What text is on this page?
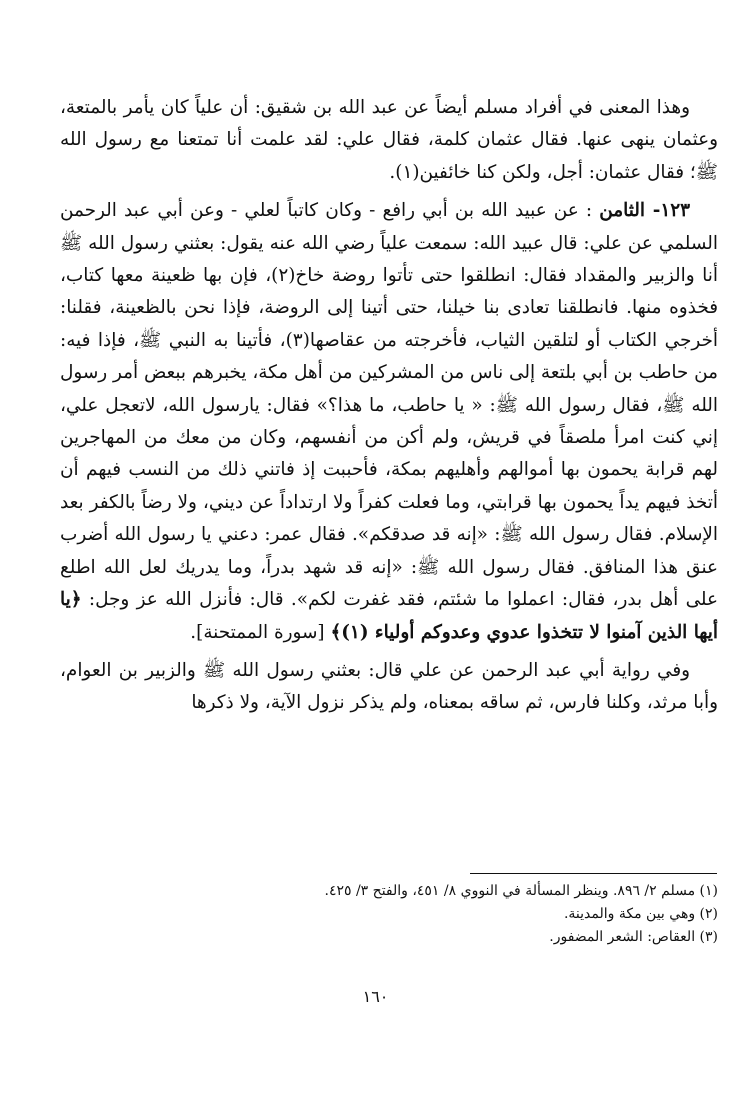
وهذا المعنى في أفراد مسلم أيضاً عن عبد الله بن شقيق: أن علياً كان يأمر بالمتعة، وعثمان ينهى عنها. فقال عثمان كلمة، فقال علي: لقد علمت أنا تمتعنا مع رسول الله ﷺ؛ فقال عثمان: أجل، ولكن كنا خائفين(١).

١٢٣- الثامن : عن عبيد الله بن أبي رافع - وكان كاتباً لعلي - وعن أبي عبد الرحمن السلمي عن علي: قال عبيد الله: سمعت علياً رضي الله عنه يقول: بعثني رسول الله ﷺ أنا والزبير والمقداد فقال: انطلقوا حتى تأتوا روضة خاخ(٢)، فإن بها ظعينة معها كتاب، فخذوه منها. فانطلقنا تعادى بنا خيلنا، حتى أتينا إلى الروضة، فإذا نحن بالظعينة، فقلنا: أخرجي الكتاب أو لتلقين الثياب، فأخرجته من عقاصها(٣)، فأتينا به النبي ﷺ، فإذا فيه: من حاطب بن أبي بلتعة إلى ناس من المشركين من أهل مكة، يخبرهم ببعض أمر رسول الله ﷺ، فقال رسول الله ﷺ: « يا حاطب، ما هذا؟» فقال: يارسول الله، لاتعجل علي، إني كنت امرأ ملصقاً في قريش، ولم أكن من أنفسهم، وكان من معك من المهاجرين لهم قرابة يحمون بها أموالهم وأهليهم بمكة، فأحببت إذ فاتني ذلك من النسب فيهم أن أتخذ فيهم يداً يحمون بها قرابتي، وما فعلت كفراً ولا ارتداداً عن ديني، ولا رضاً بالكفر بعد الإسلام. فقال رسول الله ﷺ: «إنه قد صدقكم». فقال عمر: دعني يا رسول الله أضرب عنق هذا المنافق. فقال رسول الله ﷺ: «إنه قد شهد بدراً، وما يدريك لعل الله اطلع على أهل بدر، فقال: اعملوا ما شئتم، فقد غفرت لكم». قال: فأنزل الله عز وجل: ﴿يا أيها الذين آمنوا لا تتخذوا عدوي وعدوكم أولياء (١)﴾ [سورة الممتحنة].

وفي رواية أبي عبد الرحمن عن علي قال: بعثني رسول الله ﷺ والزبير بن العوام، وأبا مرثد، وكلنا فارس، ثم ساقه بمعناه، ولم يذكر نزول الآية، ولا ذكرها

(١) مسلم ٢/ ٨٩٦. وينظر المسألة في النووي ٨/ ٤٥١، والفتح ٣/ ٤٢٥.

(٢) وهي بين مكة والمدينة.

(٣) العقاص: الشعر المضفور.

١٦٠
